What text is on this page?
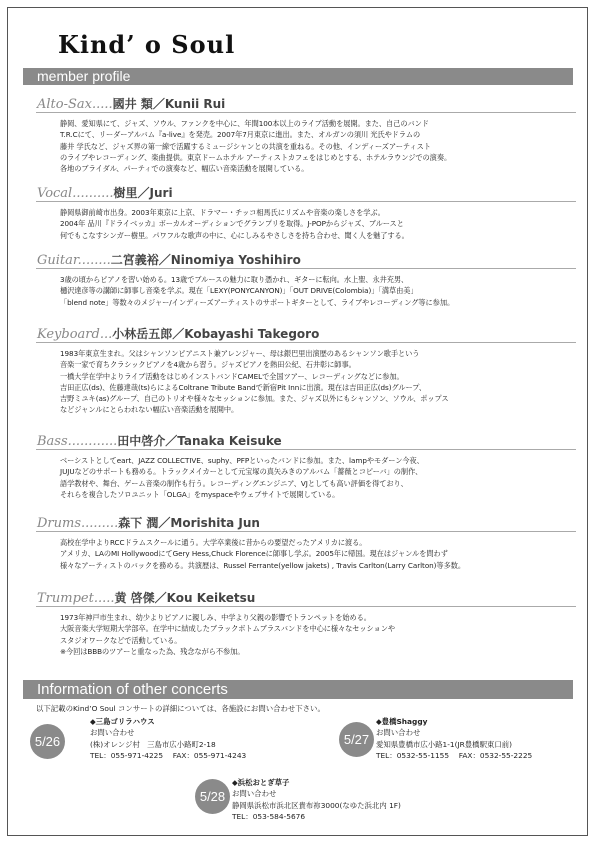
Kind’ o Soul
member profile
Alto-Sax.....國井 類／Kunii Rui
静岡、愛知県にて、ジャズ、ソウル、ファンクを中心に、年間100本以上のライブ活動を展開。また、自己のバンド
T.R.Cにて、リーダーアルバム『a-live』を発売。2007年7月東京に進出。また、オルガンの須川 光氏やドラムの
藤井 学氏など、ジャズ界の第一線で活躍するミュージシャンとの共演を重ねる。その他、インディーズアーティスト
のライブやレコーディング、楽曲提供。東京ドームホテル アーティストカフェをはじめとする、ホテルラウンジでの演奏。
各地のブライダル、パーティでの演奏など、幅広い音楽活動を展開している。
Vocal..........樹里／Juri
静岡県御前崎市出身。2003年東京に上京、ドラマー・チッコ相馬氏にリズムや音楽の楽しさを学ぶ。
2004年 品川『ドライベッカ』ボーカルオーディションでグランプリを取得。J-POPからジャズ、ブルースと
何でもこなすシンガー樹里。パワフルな歌声の中に、心にしみるやさしさを持ち合わせ、聞く人を魅了する。
Guitar........二宮義裕／Ninomiya Yoshihiro
3歳の頃からピアノを習い始める。13歳でブルースの魅力に取り憑かれ、ギターに転向。水上聖、永井充男、
樋沢達彦等の講師に師事し音楽を学ぶ。現在「LEXY(PONYCANYON)」「OUT DRIVE(Colombia)」「満草由美」
「blend note」等数々のメジャー/インディーズアーティストのサポートギターとして、ライブやレコーディング等に参加。
Keyboard...小林岳五郎／Kobayashi Takegoro
1983年東京生まれ。父はシャンソンピアニスト兼アレンジャー、母は銀巴里出演歴のあるシャンソン歌手という
音楽一家で育ちクラシックピアノを4歳から習う。ジャズピアノを熱田公紀、石井彰に師事。
一橋大学在学中よりライブ活動をはじめインストバンドCAMELで全国ツアー、レコーディングなどに参加。
吉田正広(ds)、佐藤達哉(ts)らによるColtrane Tribute Bandで新宿Pit Innに出演。現在は吉田正広(ds)グループ、
吉野ミユキ(as)グループ、自己のトリオや様々なセッションに参加。また、ジャズ以外にもシャンソン、ソウル、ポップス
などジャンルにとらわれない幅広い音楽活動を展開中。
Bass............田中啓介／Tanaka Keisuke
ベーシストとしてeart、JAZZ COLLECTIVE、suphy、PFPといったバンドに参加。また、lampやモダーン今夜、
JUJUなどのサポートも務める。トラックメイカーとして元宝塚の真矢みきのアルバム「薔薇とコピーバ」の制作、
語学教材や、舞台、ゲーム音楽の制作も行う。レコーディングエンジニア、VJとしても高い評価を得ており、
それらを複合したソロユニット「OLGA」をmyspaceやウェブサイトで展開している。
Drums.........森下 潤／Morishita Jun
高校在学中よりRCCドラムスクールに通う。大学卒業後に昔からの要望だったアメリカに渡る。
アメリカ、LAのMI HollywoodにてGery Hess,Chuck Florenceに師事し学ぶ。2005年に帰国。現在はジャンルを問わず
様々なアーティストのバックを務める。共演歴は、Russel Ferrante(yellow jakets) , Travis Carlton(Larry Carlton)等多数。
Trumpet.....黄 啓傑／Kou Keiketsu
1973年神戸市生まれ、幼少よりピアノに親しみ、中学より父親の影響でトランペットを始める。
大阪音楽大学短期大学部卒。在学中に結成したブラックボトムブラスバンドを中心に様々なセッションや
スタジオワークなどで活動している。
※今回はBBBのツアーと重なった為、残念ながら不参加。
Information of other concerts
以下記載のKind’O Soul コンサートの詳細については、各施設にお問い合わせ下さい。
5/26
◆三島ゴリラハウス
お問い合わせ
(株)オレンジ村　三島市広小路町2-18
TEL：055-971-4225　 FAX：055-971-4243
5/27
◆豊橋Shaggy
お問い合わせ
愛知県豊橋市広小路1-1(JR豊橋駅東口前)
TEL：0532-55-1155　 FAX：0532-55-2225
5/28
◆浜松おとぎ草子
お問い合わせ
静岡県浜松市浜北区貴布祢3000(なゆた浜北内 1F)
TEL：053-584-5676
